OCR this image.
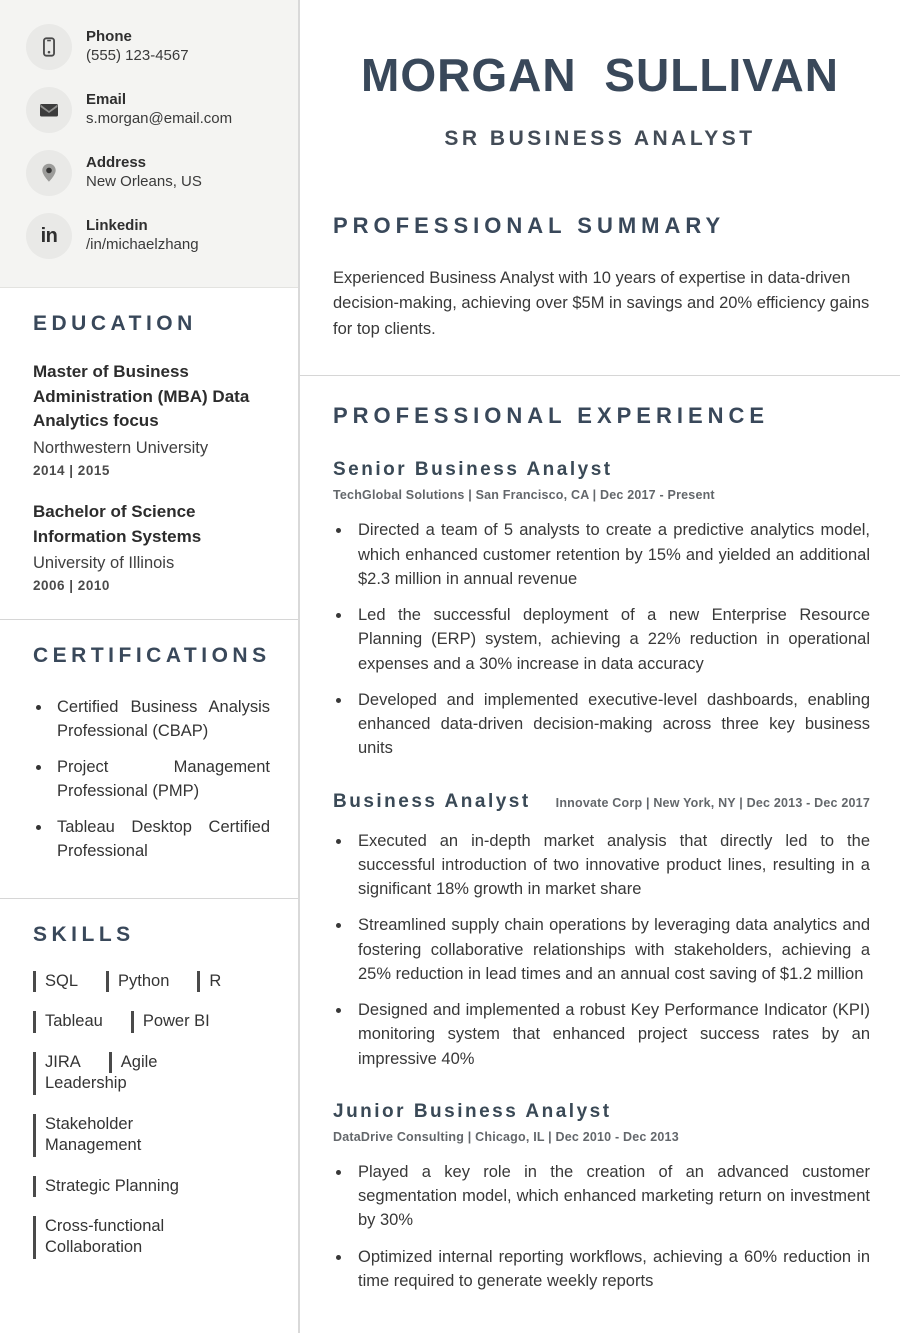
Phone
(555) 123-4567
Email
s.morgan@email.com
Address
New Orleans, US
in Linkedin
/in/michaelzhang
EDUCATION
Master of Business Administration (MBA) Data Analytics focus
Northwestern University
2014 | 2015
Bachelor of Science Information Systems
University of Illinois
2006 | 2010
CERTIFICATIONS
• Certified Business Analysis Professional (CBAP)
• Project Management Professional (PMP)
• Tableau Desktop Certified Professional
SKILLS
SQL	Python	R
Tableau	Power BI
JIRA	Agile
Leadership
Stakeholder Management
Strategic Planning
Cross-functional Collaboration
MORGAN SULLIVAN
SR BUSINESS ANALYST
PROFESSIONAL SUMMARY

Experienced Business Analyst with 10 years of expertise in data-driven decision-making, achieving over $5M in savings and 20% efficiency gains for top clients.

PROFESSIONAL EXPERIENCE
Senior Business Analyst
TechGlobal Solutions | San Francisco, CA | Dec 2017 - Present
• Directed a team of 5 analysts to create a predictive analytics model, which enhanced customer retention by 15% and yielded an additional $2.3 million in annual revenue
• Led the successful deployment of a new Enterprise Resource Planning (ERP) system, achieving a 22% reduction in operational expenses and a 30% increase in data accuracy
• Developed and implemented executive-level dashboards, enabling enhanced data-driven decision-making across three key business units
Business Analyst Innovate Corp | New York, NY | Dec 2013 - Dec 2017
• Executed an in-depth market analysis that directly led to the successful introduction of two innovative product lines, resulting in a significant 18% growth in market share
• Streamlined supply chain operations by leveraging data analytics and fostering collaborative relationships with stakeholders, achieving a 25% reduction in lead times and an annual cost saving of $1.2 million
• Designed and implemented a robust Key Performance Indicator (KPI) monitoring system that enhanced project success rates by an impressive 40%
Junior Business Analyst
DataDrive Consulting | Chicago, IL | Dec 2010 - Dec 2013
• Played a key role in the creation of an advanced customer segmentation model, which enhanced marketing return on investment by 30%
• Optimized internal reporting workflows, achieving a 60% reduction in time required to generate weekly reports
